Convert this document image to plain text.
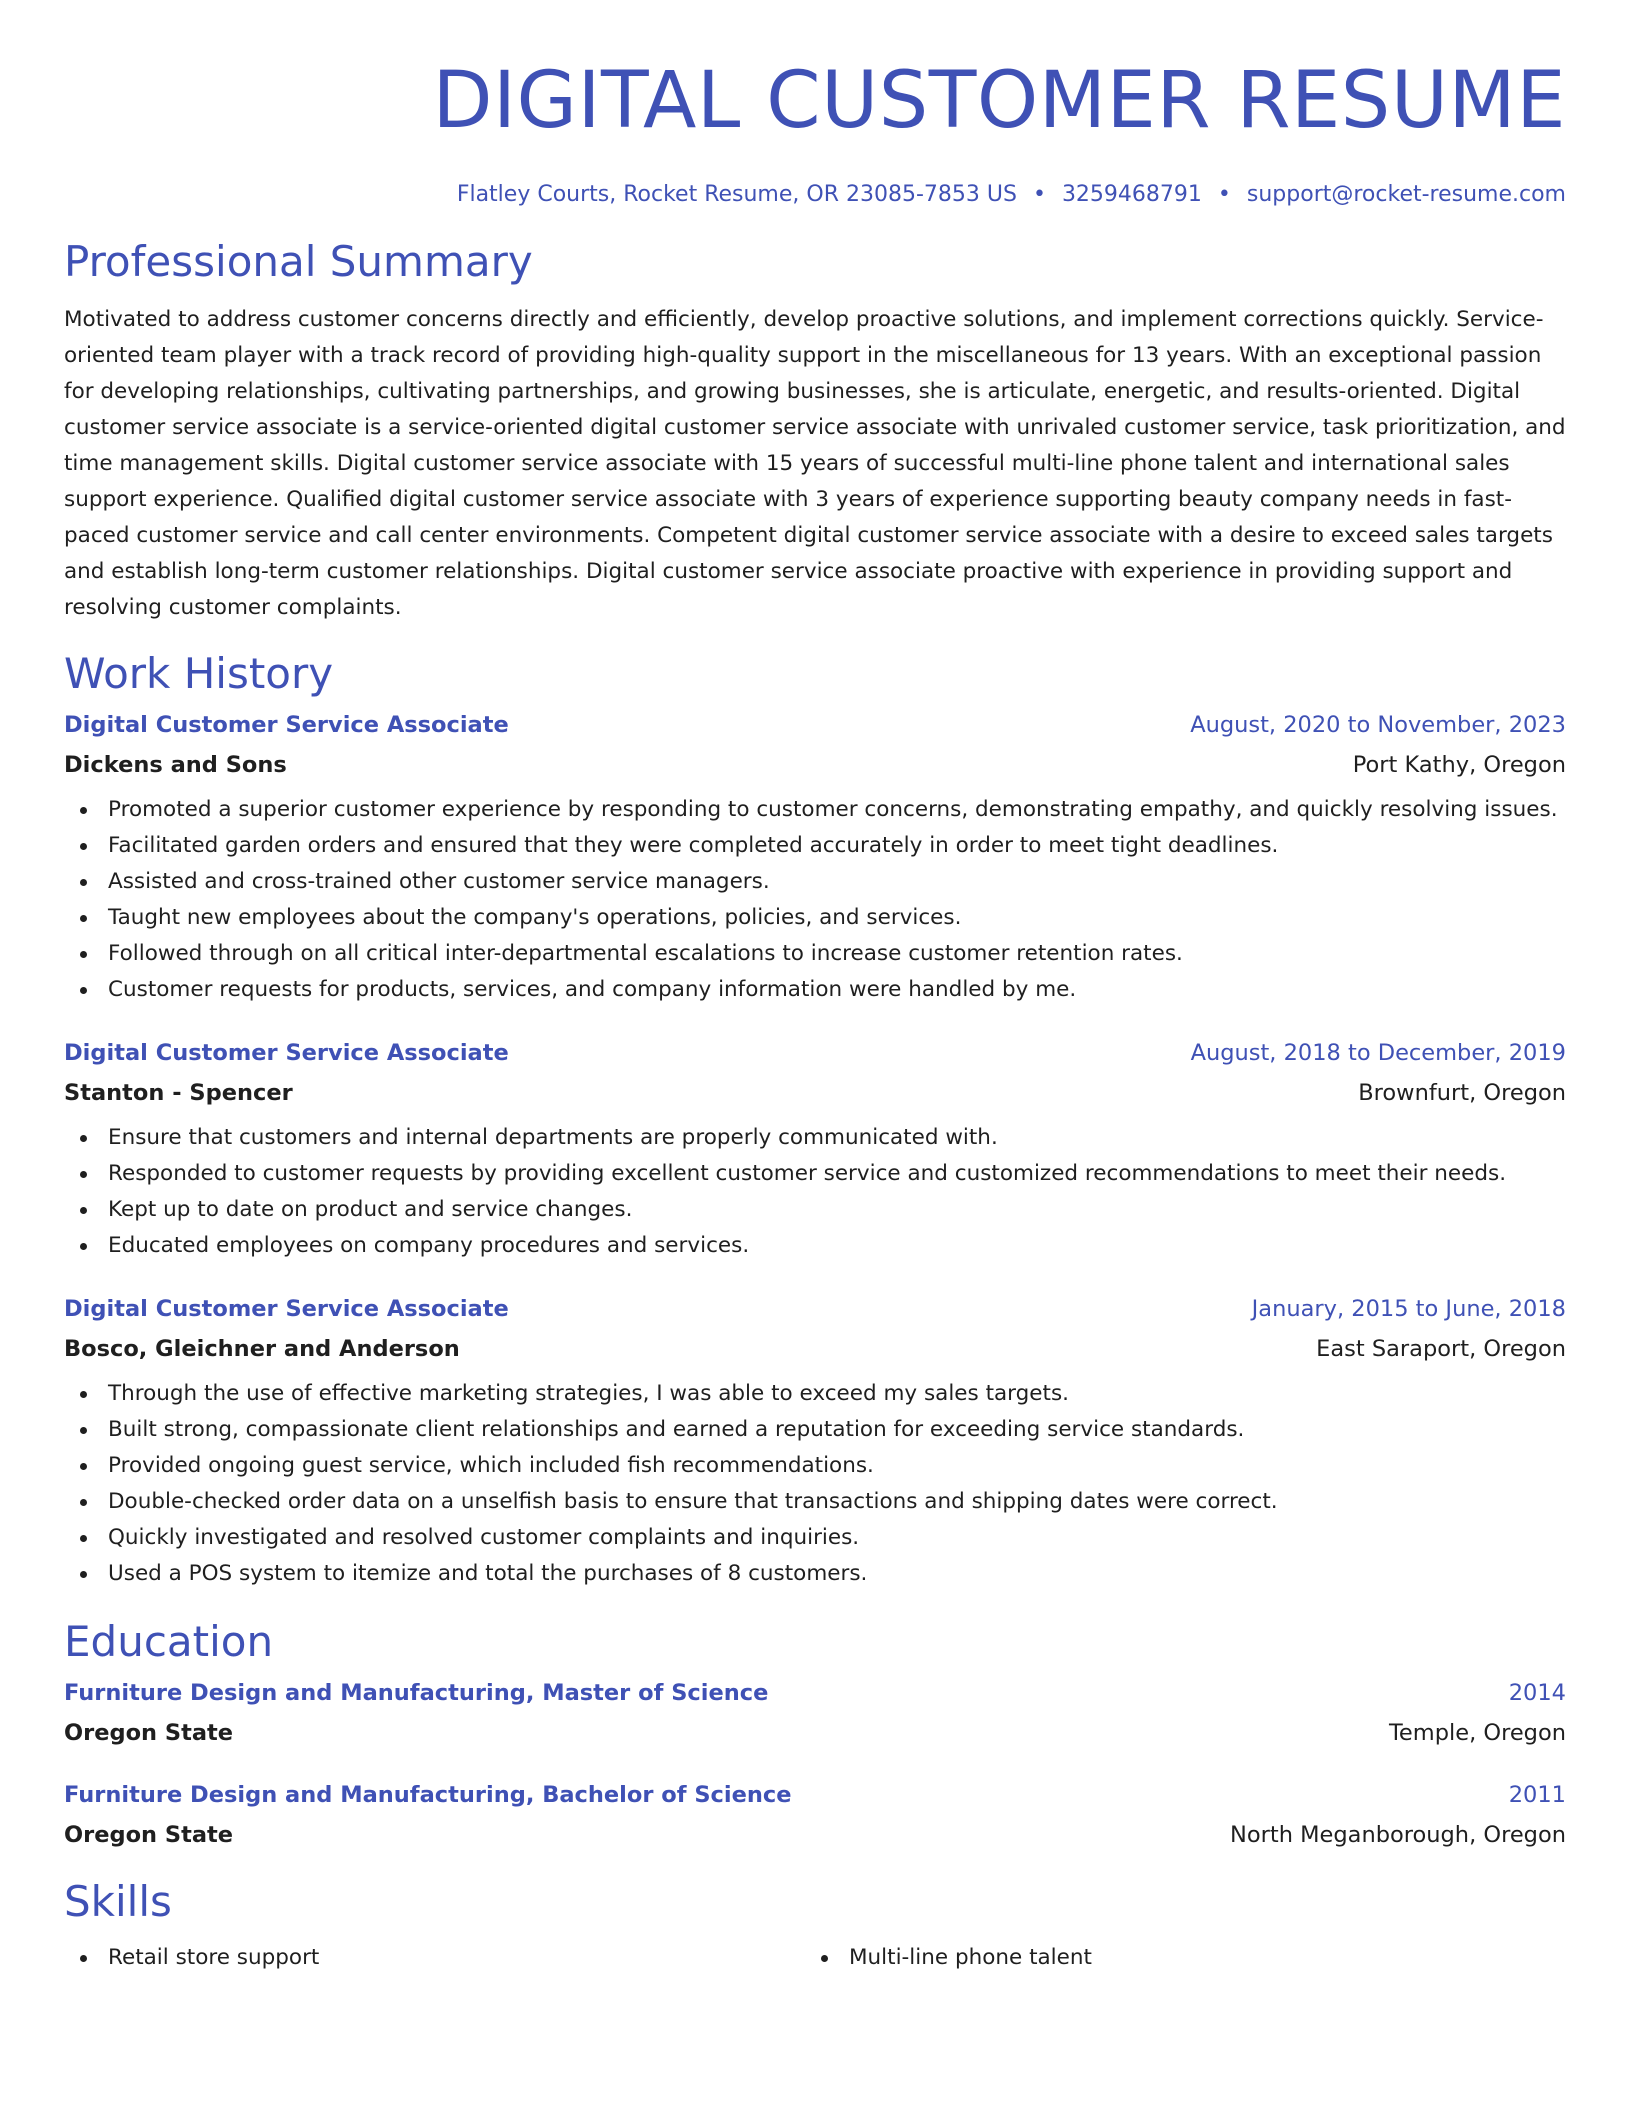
DIGITAL CUSTOMER RESUME
Flatley Courts, Rocket Resume, OR 23085-7853 US • 3259468791 • support@rocket-resume.com
Professional Summary

Motivated to address customer concerns directly and efficiently, develop proactive solutions, and implement corrections quickly. Service-oriented team player with a track record of providing high-quality support in the miscellaneous for 13 years. With an exceptional passion for developing relationships, cultivating partnerships, and growing businesses, she is articulate, energetic, and results-oriented. Digital customer service associate is a service-oriented digital customer service associate with unrivaled customer service, task prioritization, and time management skills. Digital customer service associate with 15 years of successful multi-line phone talent and international sales support experience. Qualified digital customer service associate with 3 years of experience supporting beauty company needs in fast-paced customer service and call center environments. Competent digital customer service associate with a desire to exceed sales targets and establish long-term customer relationships. Digital customer service associate proactive with experience in providing support and resolving customer complaints.

Work History
Digital Customer Service Associate	August, 2020 to November, 2023
Dickens and Sons	Port Kathy, Oregon
Promoted a superior customer experience by responding to customer concerns, demonstrating empathy, and quickly resolving issues.
Facilitated garden orders and ensured that they were completed accurately in order to meet tight deadlines.
Assisted and cross-trained other customer service managers.
Taught new employees about the company's operations, policies, and services.
Followed through on all critical inter-departmental escalations to increase customer retention rates.
Customer requests for products, services, and company information were handled by me.
Digital Customer Service Associate	August, 2018 to December, 2019
Stanton - Spencer	Brownfurt, Oregon
Ensure that customers and internal departments are properly communicated with.
Responded to customer requests by providing excellent customer service and customized recommendations to meet their needs.
Kept up to date on product and service changes.
Educated employees on company procedures and services.
Digital Customer Service Associate	January, 2015 to June, 2018
Bosco, Gleichner and Anderson	East Saraport, Oregon
Through the use of effective marketing strategies, I was able to exceed my sales targets.
Built strong, compassionate client relationships and earned a reputation for exceeding service standards.
Provided ongoing guest service, which included fish recommendations.
Double-checked order data on a unselfish basis to ensure that transactions and shipping dates were correct.
Quickly investigated and resolved customer complaints and inquiries.
Used a POS system to itemize and total the purchases of 8 customers.
Education
Furniture Design and Manufacturing, Master of Science	2014
Oregon State	Temple, Oregon
Furniture Design and Manufacturing, Bachelor of Science	2011
Oregon State	North Meganborough, Oregon
Skills
Retail store support	Multi-line phone talent
